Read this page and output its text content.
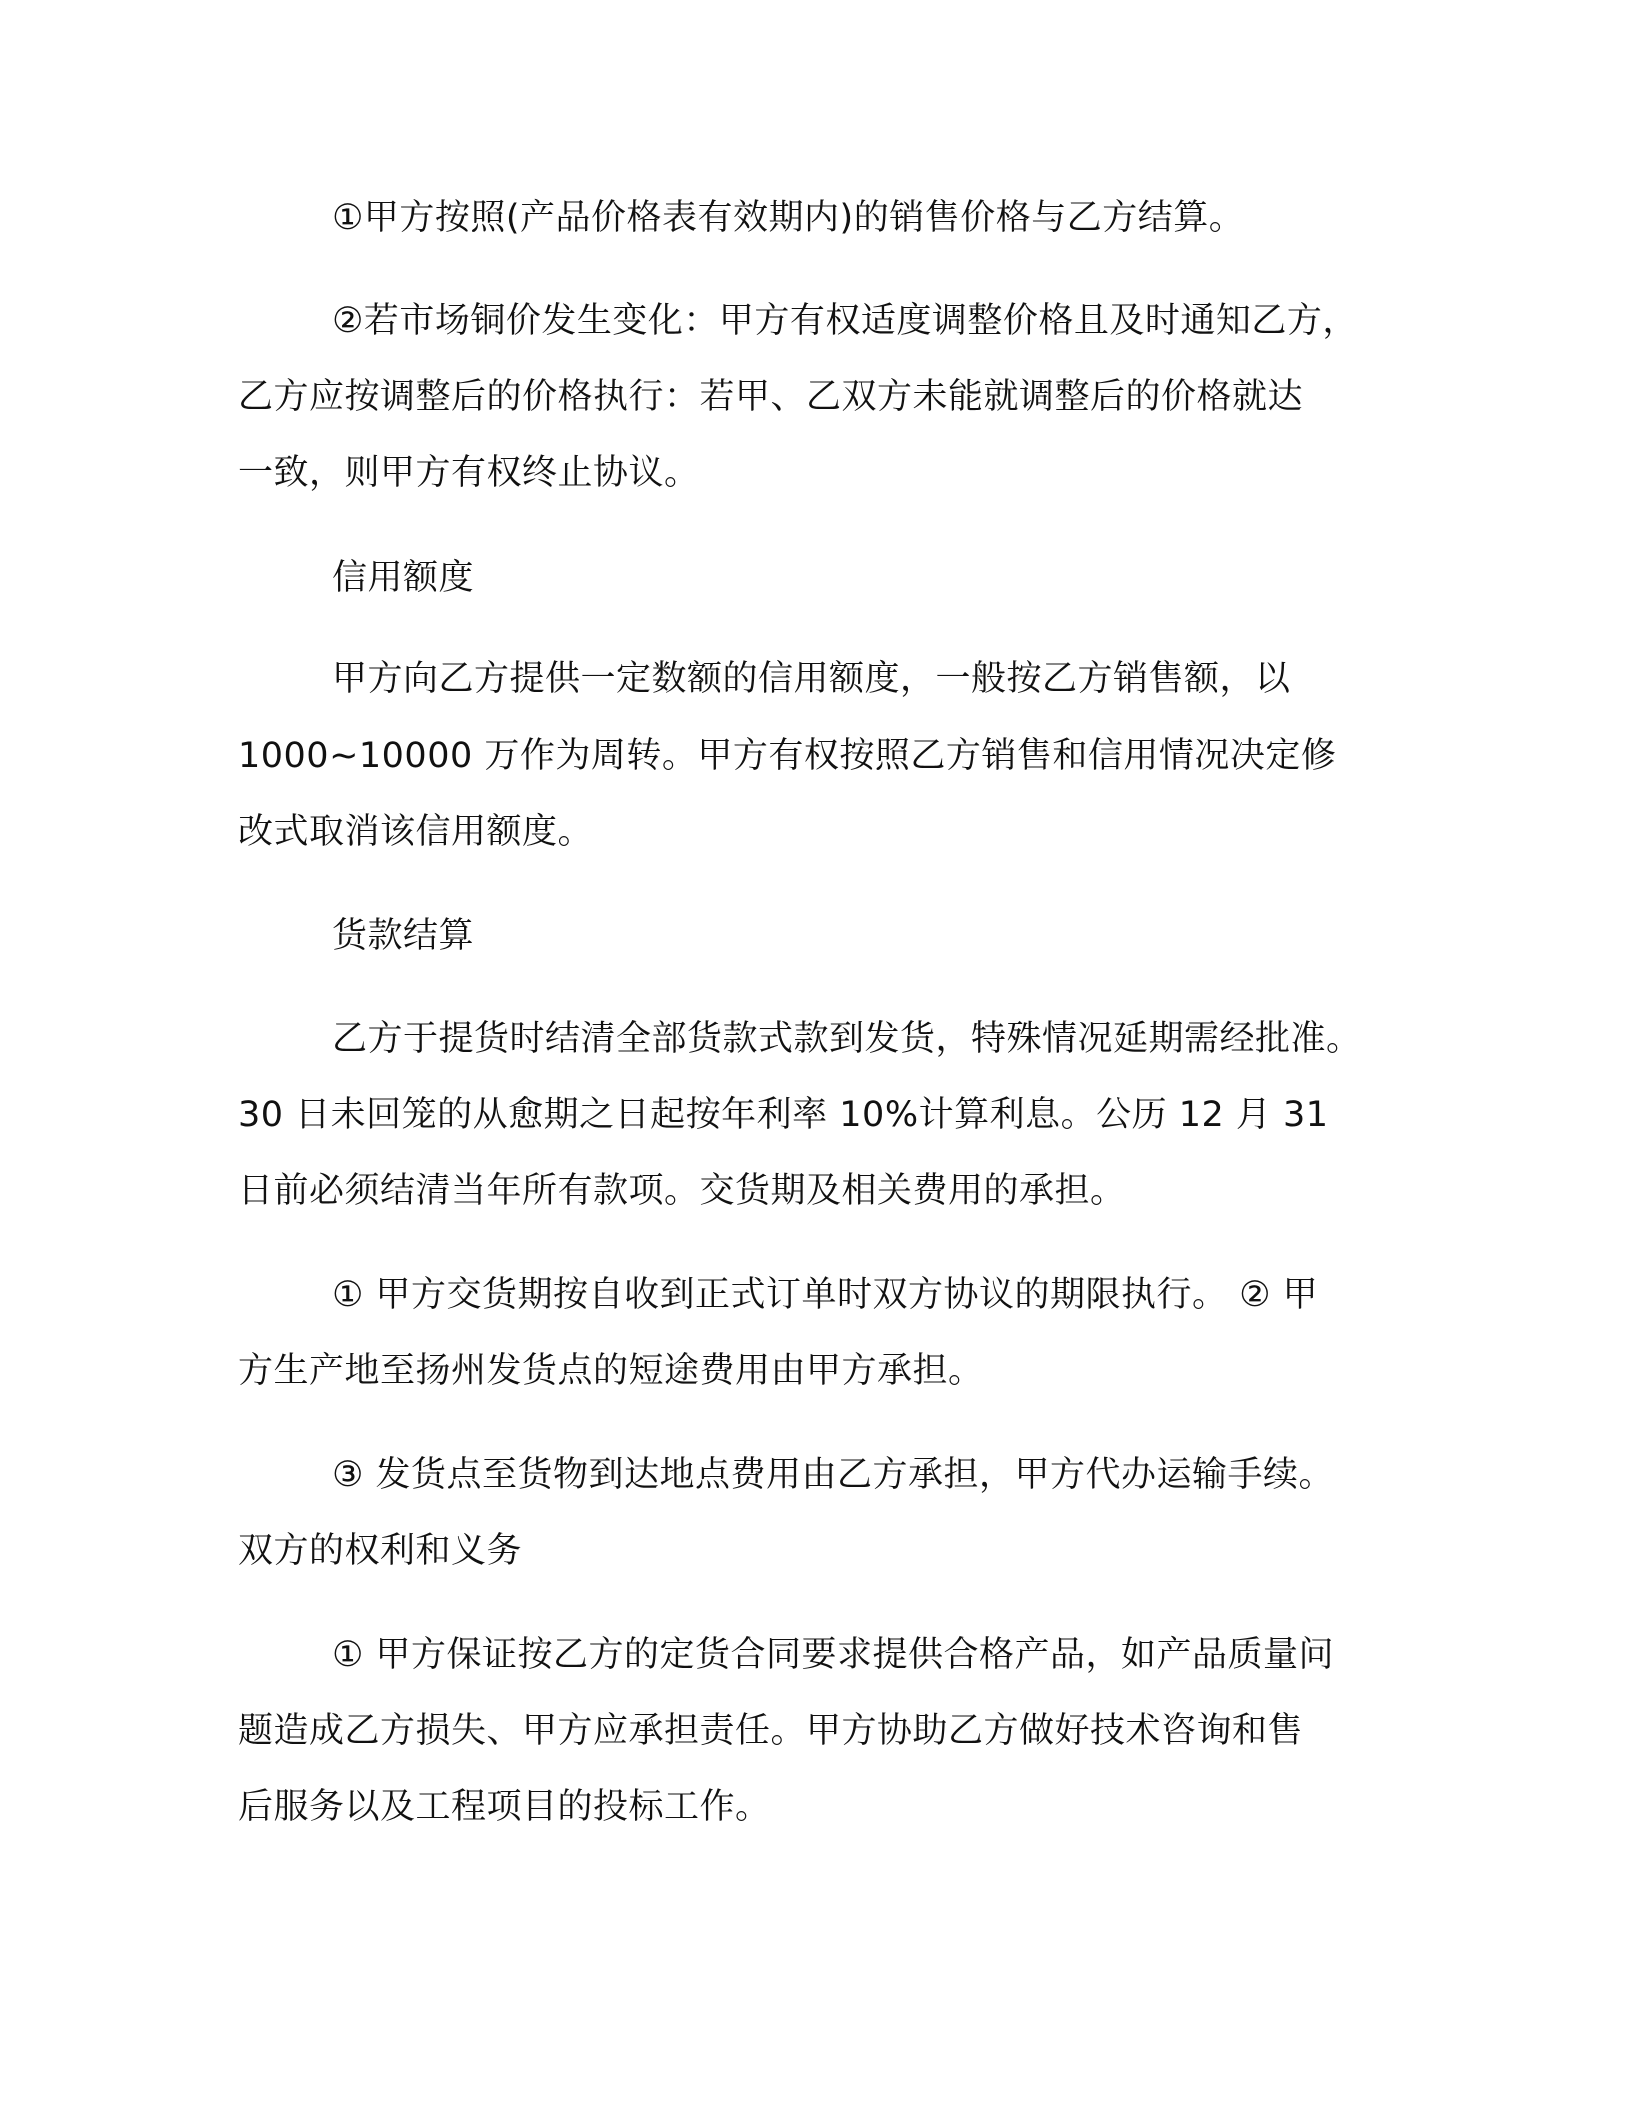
①甲方按照(产品价格表有效期内)的销售价格与乙方结算。

②若市场铜价发生变化：甲方有权适度调整价格且及时通知乙方，

乙方应按调整后的价格执行：若甲、乙双方未能就调整后的价格就达

一致，则甲方有权终止协议。

信用额度

甲方向乙方提供一定数额的信用额度，一般按乙方销售额，以

1000~10000 万作为周转。甲方有权按照乙方销售和信用情况决定修

改式取消该信用额度。

货款结算

乙方于提货时结清全部货款式款到发货，特殊情况延期需经批准。

30 日未回笼的从愈期之日起按年利率 10%计算利息。公历 12 月 31

日前必须结清当年所有款项。交货期及相关费用的承担。

① 甲方交货期按自收到正式订单时双方协议的期限执行。 ② 甲

方生产地至扬州发货点的短途费用由甲方承担。

③ 发货点至货物到达地点费用由乙方承担，甲方代办运输手续。

双方的权利和义务

① 甲方保证按乙方的定货合同要求提供合格产品，如产品质量问

题造成乙方损失、甲方应承担责任。甲方协助乙方做好技术咨询和售

后服务以及工程项目的投标工作。
